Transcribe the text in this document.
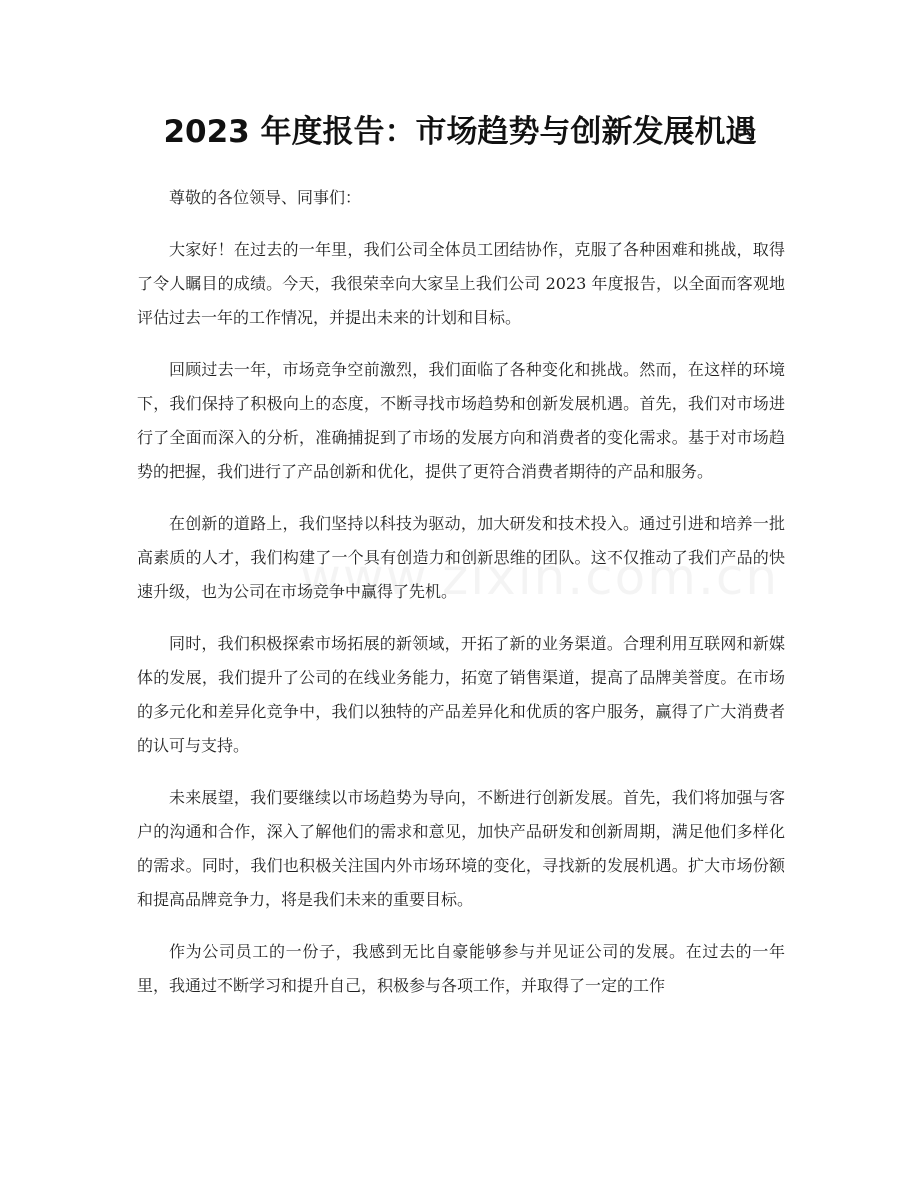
2023 年度报告：市场趋势与创新发展机遇

尊敬的各位领导、同事们：

大家好！在过去的一年里，我们公司全体员工团结协作，克服了各种困难和挑战，取得了令人瞩目的成绩。今天，我很荣幸向大家呈上我们公司 2023 年度报告，以全面而客观地评估过去一年的工作情况，并提出未来的计划和目标。

回顾过去一年，市场竞争空前激烈，我们面临了各种变化和挑战。然而，在这样的环境下，我们保持了积极向上的态度，不断寻找市场趋势和创新发展机遇。首先，我们对市场进行了全面而深入的分析，准确捕捉到了市场的发展方向和消费者的变化需求。基于对市场趋势的把握，我们进行了产品创新和优化，提供了更符合消费者期待的产品和服务。

在创新的道路上，我们坚持以科技为驱动，加大研发和技术投入。通过引进和培养一批高素质的人才，我们构建了一个具有创造力和创新思维的团队。这不仅推动了我们产品的快速升级，也为公司在市场竞争中赢得了先机。

同时，我们积极探索市场拓展的新领域，开拓了新的业务渠道。合理利用互联网和新媒体的发展，我们提升了公司的在线业务能力，拓宽了销售渠道，提高了品牌美誉度。在市场的多元化和差异化竞争中，我们以独特的产品差异化和优质的客户服务，赢得了广大消费者的认可与支持。

未来展望，我们要继续以市场趋势为导向，不断进行创新发展。首先，我们将加强与客户的沟通和合作，深入了解他们的需求和意见，加快产品研发和创新周期，满足他们多样化的需求。同时，我们也积极关注国内外市场环境的变化，寻找新的发展机遇。扩大市场份额和提高品牌竞争力，将是我们未来的重要目标。

作为公司员工的一份子，我感到无比自豪能够参与并见证公司的发展。在过去的一年里，我通过不断学习和提升自己，积极参与各项工作，并取得了一定的工作
